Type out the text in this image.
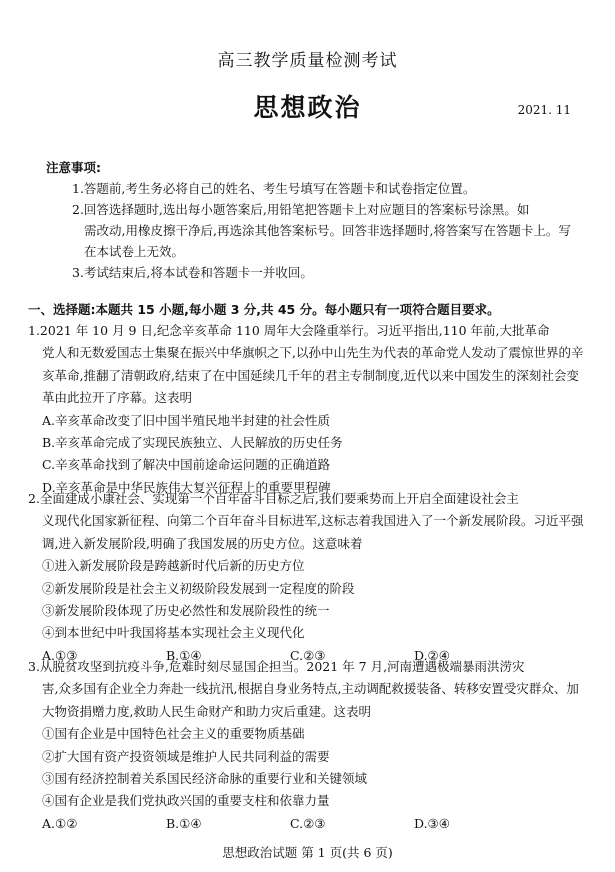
高三教学质量检测考试
思想政治	2021. 11
注意事项:
1.答题前,考生务必将自己的姓名、考生号填写在答题卡和试卷指定位置。
2.回答选择题时,选出每小题答案后,用铅笔把答题卡上对应题目的答案标号涂黑。如
需改动,用橡皮擦干净后,再选涂其他答案标号。回答非选择题时,将答案写在答题卡上。写在本试卷上无效。
3.考试结束后,将本试卷和答题卡一并收回。
一、选择题:本题共 15 小题,每小题 3 分,共 45 分。每小题只有一项符合题目要求。

1.2021 年 10 月 9 日,纪念辛亥革命 110 周年大会隆重举行。习近平指出,110 年前,大批革命

党人和无数爱国志士集聚在振兴中华旗帜之下,以孙中山先生为代表的革命党人发动了震惊世界的辛亥革命,推翻了清朝政府,结束了在中国延续几千年的君主专制制度,近代以来中国发生的深刻社会变革由此拉开了序幕。这表明

A.辛亥革命改变了旧中国半殖民地半封建的社会性质

B.辛亥革命完成了实现民族独立、人民解放的历史任务

C.辛亥革命找到了解决中国前途命运问题的正确道路

D.辛亥革命是中华民族伟大复兴征程上的重要里程碑

2.全面建成小康社会、实现第一个百年奋斗目标之后,我们要乘势而上开启全面建设社会主

义现代化国家新征程、向第二个百年奋斗目标进军,这标志着我国进入了一个新发展阶段。习近平强调,进入新发展阶段,明确了我国发展的历史方位。这意味着

①进入新发展阶段是跨越新时代后新的历史方位

②新发展阶段是社会主义初级阶段发展到一定程度的阶段

③新发展阶段体现了历史必然性和发展阶段性的统一

④到本世纪中叶我国将基本实现社会主义现代化

A.①③	B.①④	C.②③	D.②④

3.从脱贫攻坚到抗疫斗争,危难时刻尽显国企担当。2021 年 7 月,河南遭遇极端暴雨洪涝灾

害,众多国有企业全力奔赴一线抗汛,根据自身业务特点,主动调配救援装备、转移安置受灾群众、加大物资捐赠力度,救助人民生命财产和助力灾后重建。这表明

①国有企业是中国特色社会主义的重要物质基础

②扩大国有资产投资领域是维护人民共同利益的需要

③国有经济控制着关系国民经济命脉的重要行业和关键领域

④国有企业是我们党执政兴国的重要支柱和依靠力量

A.①②	B.①④	C.②③	D.③④
思想政治试题 第 1 页(共 6 页)
